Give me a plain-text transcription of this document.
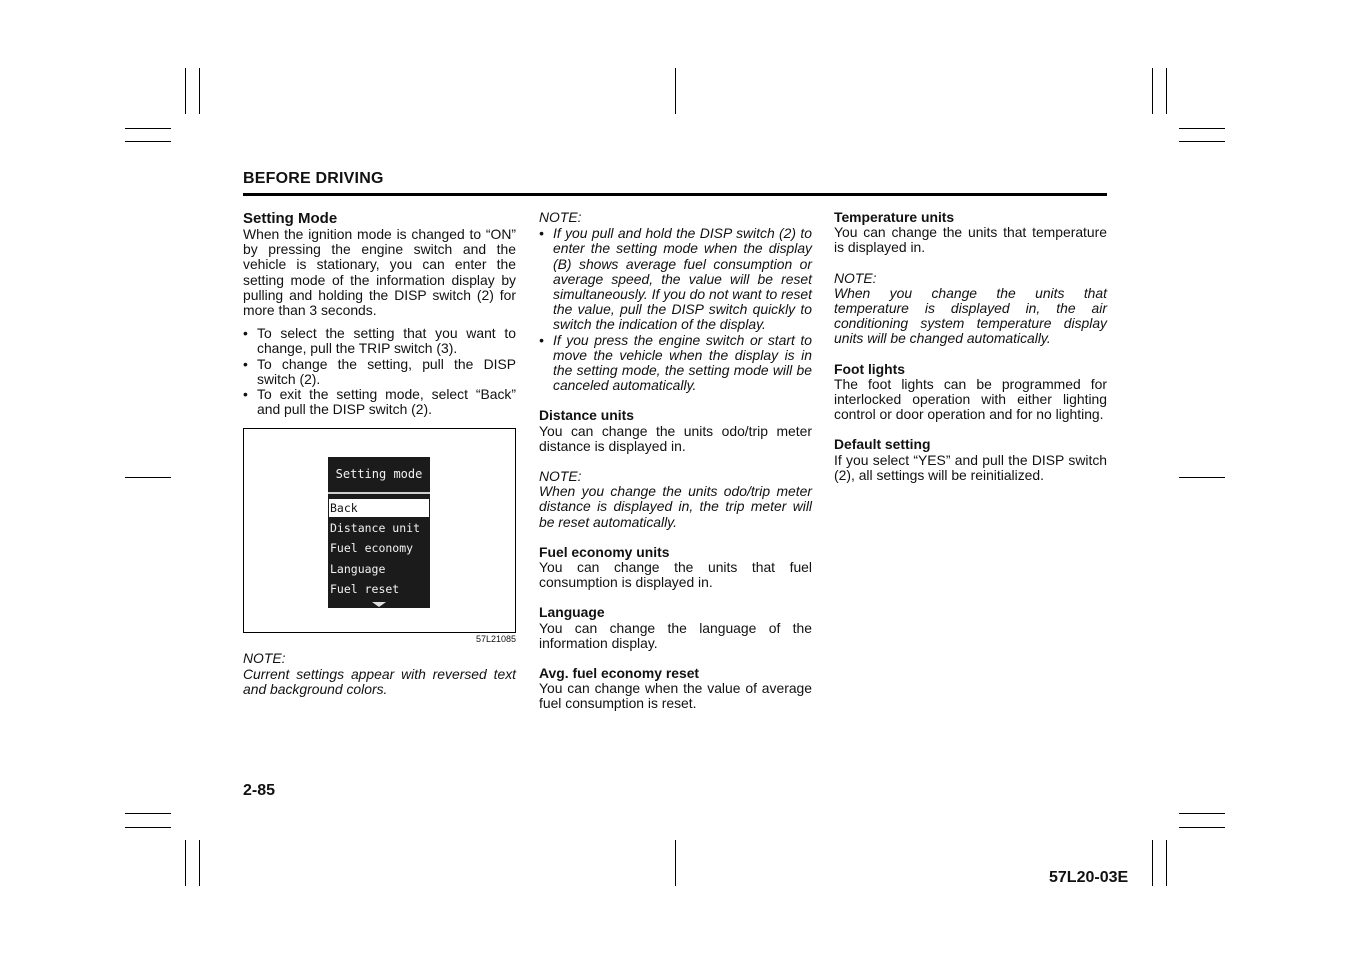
BEFORE DRIVING

Setting Mode

When the ignition mode is changed to “ON” by pressing the engine switch and the vehicle is stationary, you can enter the setting mode of the information display by pulling and holding the DISP switch (2) for more than 3 seconds.

• To select the setting that you want to change, pull the TRIP switch (3).
• To change the setting, pull the DISP switch (2).
• To exit the setting mode, select “Back” and pull the DISP switch (2).
Setting mode
Back
Distance unit
Fuel economy
Language
Fuel reset
57L21085

NOTE:

Current settings appear with reversed text and background colors.

NOTE:

• If you pull and hold the DISP switch (2) to enter the setting mode when the display (B) shows average fuel consumption or average speed, the value will be reset simultaneously. If you do not want to reset the value, pull the DISP switch quickly to switch the indication of the display.
• If you press the engine switch or start to move the vehicle when the display is in the setting mode, the setting mode will be canceled automatically.

Distance units

You can change the units odo/trip meter distance is displayed in.

NOTE:

When you change the units odo/trip meter distance is displayed in, the trip meter will be reset automatically.

Fuel economy units

You can change the units that fuel consumption is displayed in.

Language

You can change the language of the information display.

Avg. fuel economy reset

You can change when the value of average fuel consumption is reset.

Temperature units

You can change the units that temperature is displayed in.

NOTE:

When you change the units that temperature is displayed in, the air conditioning system temperature display units will be changed automatically.

Foot lights

The foot lights can be programmed for interlocked operation with either lighting control or door operation and for no lighting.

Default setting

If you select “YES” and pull the DISP switch (2), all settings will be reinitialized.

2-85
57L20-03E
